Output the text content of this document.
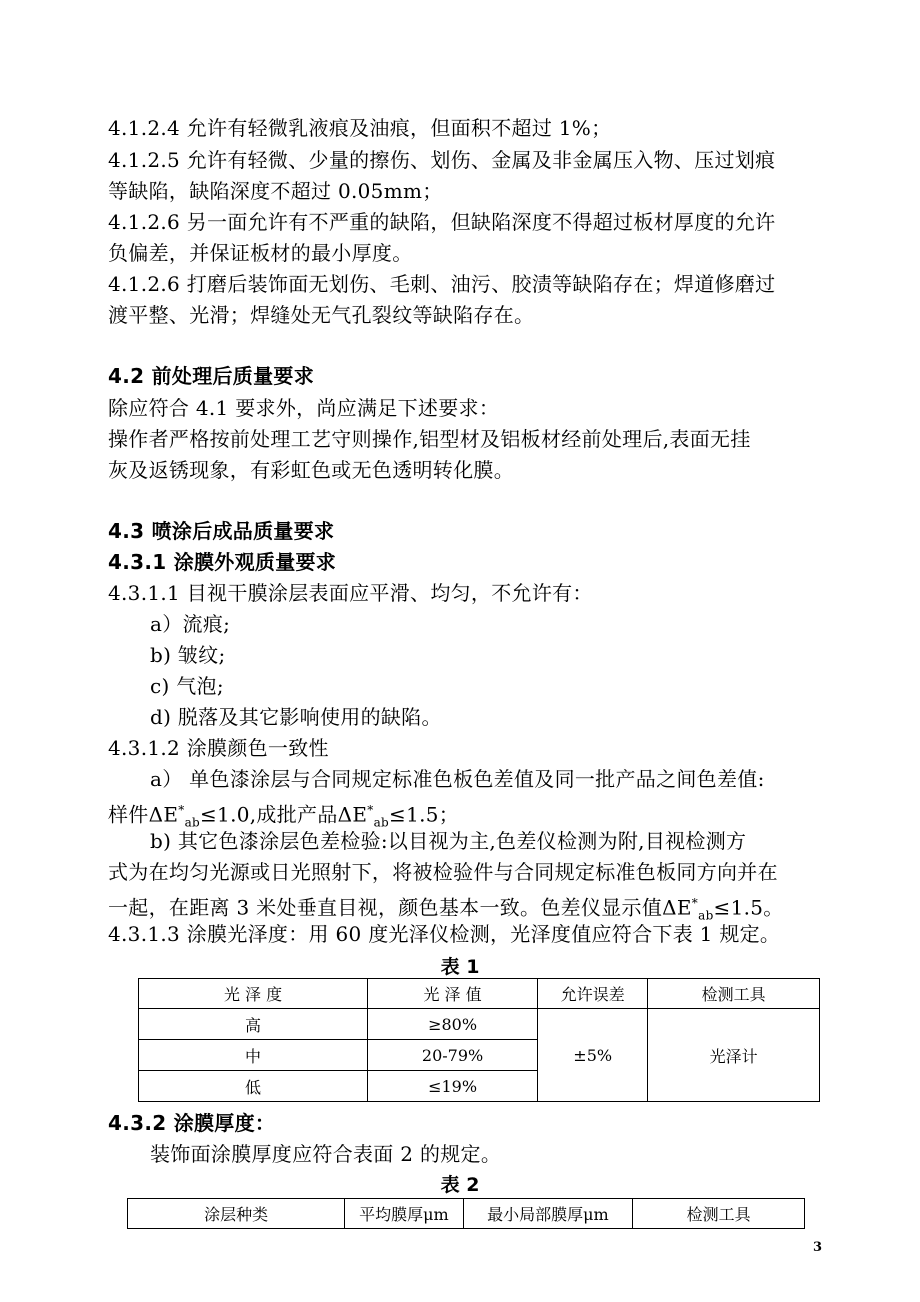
4.1.2.4 允许有轻微乳液痕及油痕，但面积不超过 1%；
4.1.2.5 允许有轻微、少量的擦伤、划伤、金属及非金属压入物、压过划痕
等缺陷，缺陷深度不超过 0.05mm；
4.1.2.6 另一面允许有不严重的缺陷，但缺陷深度不得超过板材厚度的允许
负偏差，并保证板材的最小厚度。
4.1.2.6 打磨后装饰面无划伤、毛刺、油污、胶渍等缺陷存在；焊道修磨过
渡平整、光滑；焊缝处无气孔裂纹等缺陷存在。
4.2 前处理后质量要求
除应符合 4.1 要求外，尚应满足下述要求：
操作者严格按前处理工艺守则操作,铝型材及铝板材经前处理后,表面无挂
灰及返锈现象，有彩虹色或无色透明转化膜。
4.3 喷涂后成品质量要求
4.3.1 涂膜外观质量要求
4.3.1.1 目视干膜涂层表面应平滑、均匀，不允许有：
a）流痕;
b) 皱纹;
c) 气泡;
d) 脱落及其它影响使用的缺陷。
4.3.1.2 涂膜颜色一致性
a） 单色漆涂层与合同规定标准色板色差值及同一批产品之间色差值:
样件$\Delta E^*_{ab}\le 1.0$,成批产品$\Delta E^*_{ab}\le 1.5$；
b) 其它色漆涂层色差检验:以目视为主,色差仪检测为附,目视检测方
式为在均匀光源或日光照射下，将被检验件与合同规定标准色板同方向并在
一起，在距离 3 米处垂直目视，颜色基本一致。色差仪显示值$\Delta E^*_{ab}\le 1.5$。
4.3.1.3 涂膜光泽度：用 60 度光泽仪检测，光泽度值应符合下表 1 规定。
表 1
光 泽 度	光 泽 值	允许误差	检测工具
高	≥80%	±5%	光泽计
中	20-79%		
低	≤19%		
4.3.2 涂膜厚度：
装饰面涂膜厚度应符合表面 2 的规定。
表 2
涂层种类	平均膜厚μm	最小局部膜厚μm	检测工具
3
